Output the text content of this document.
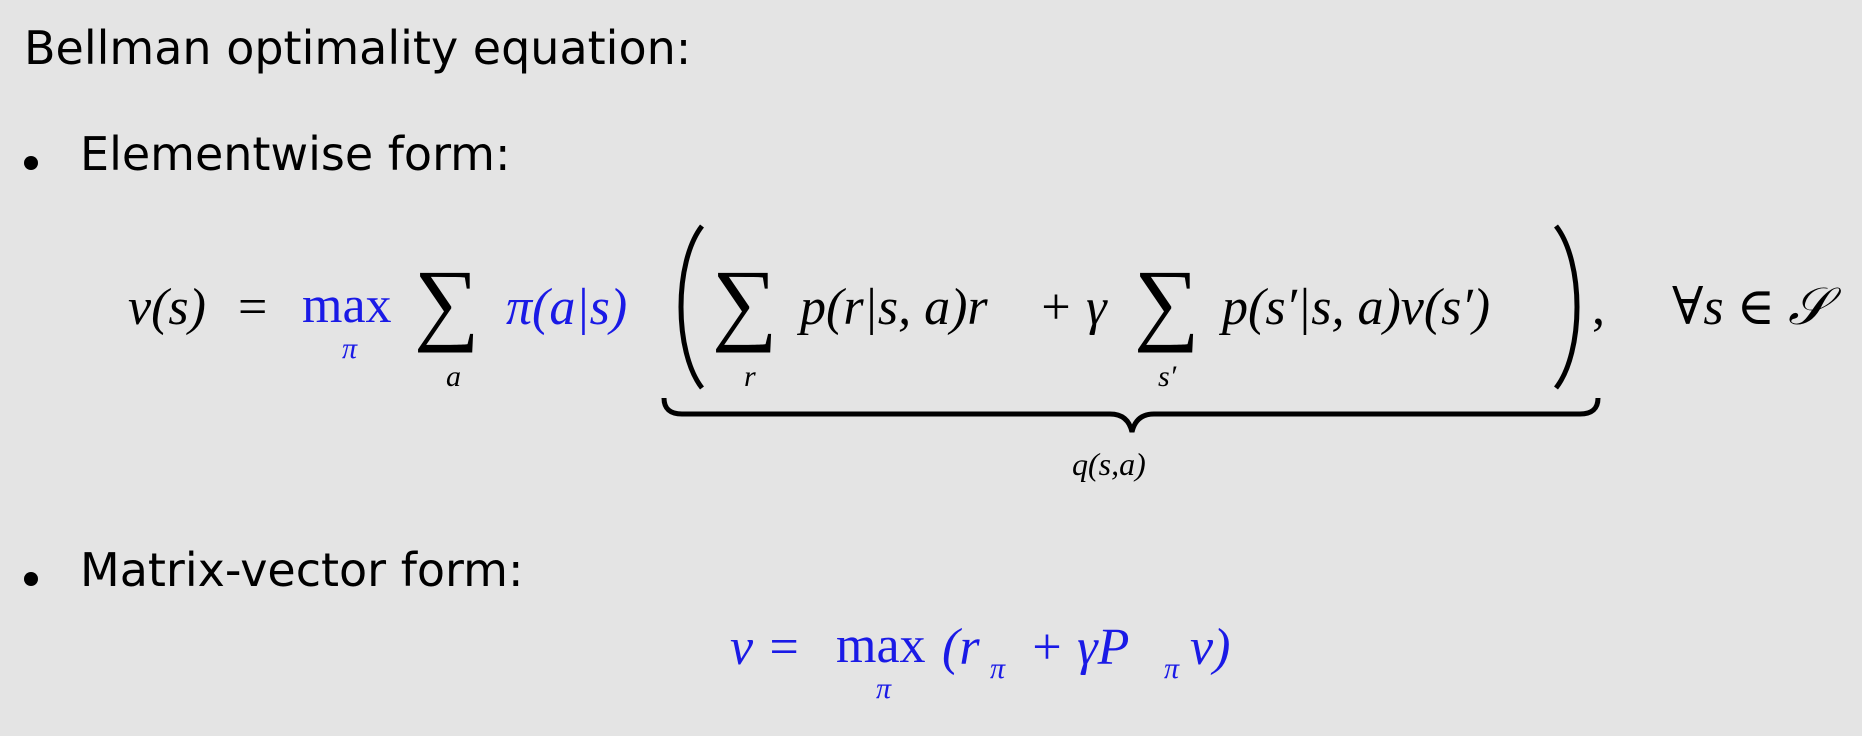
Bellman optimality equation:
Elementwise form:
v(s) = max
π ∑
a
π(a|s) ∑
r
p(r|s, a)r + γ ∑
s′
p(s′|s, a)v(s′) , ∀s ∈ 𝒮
q(s,a)
Matrix-vector form:
v = max
π
(r π + γP π v)
